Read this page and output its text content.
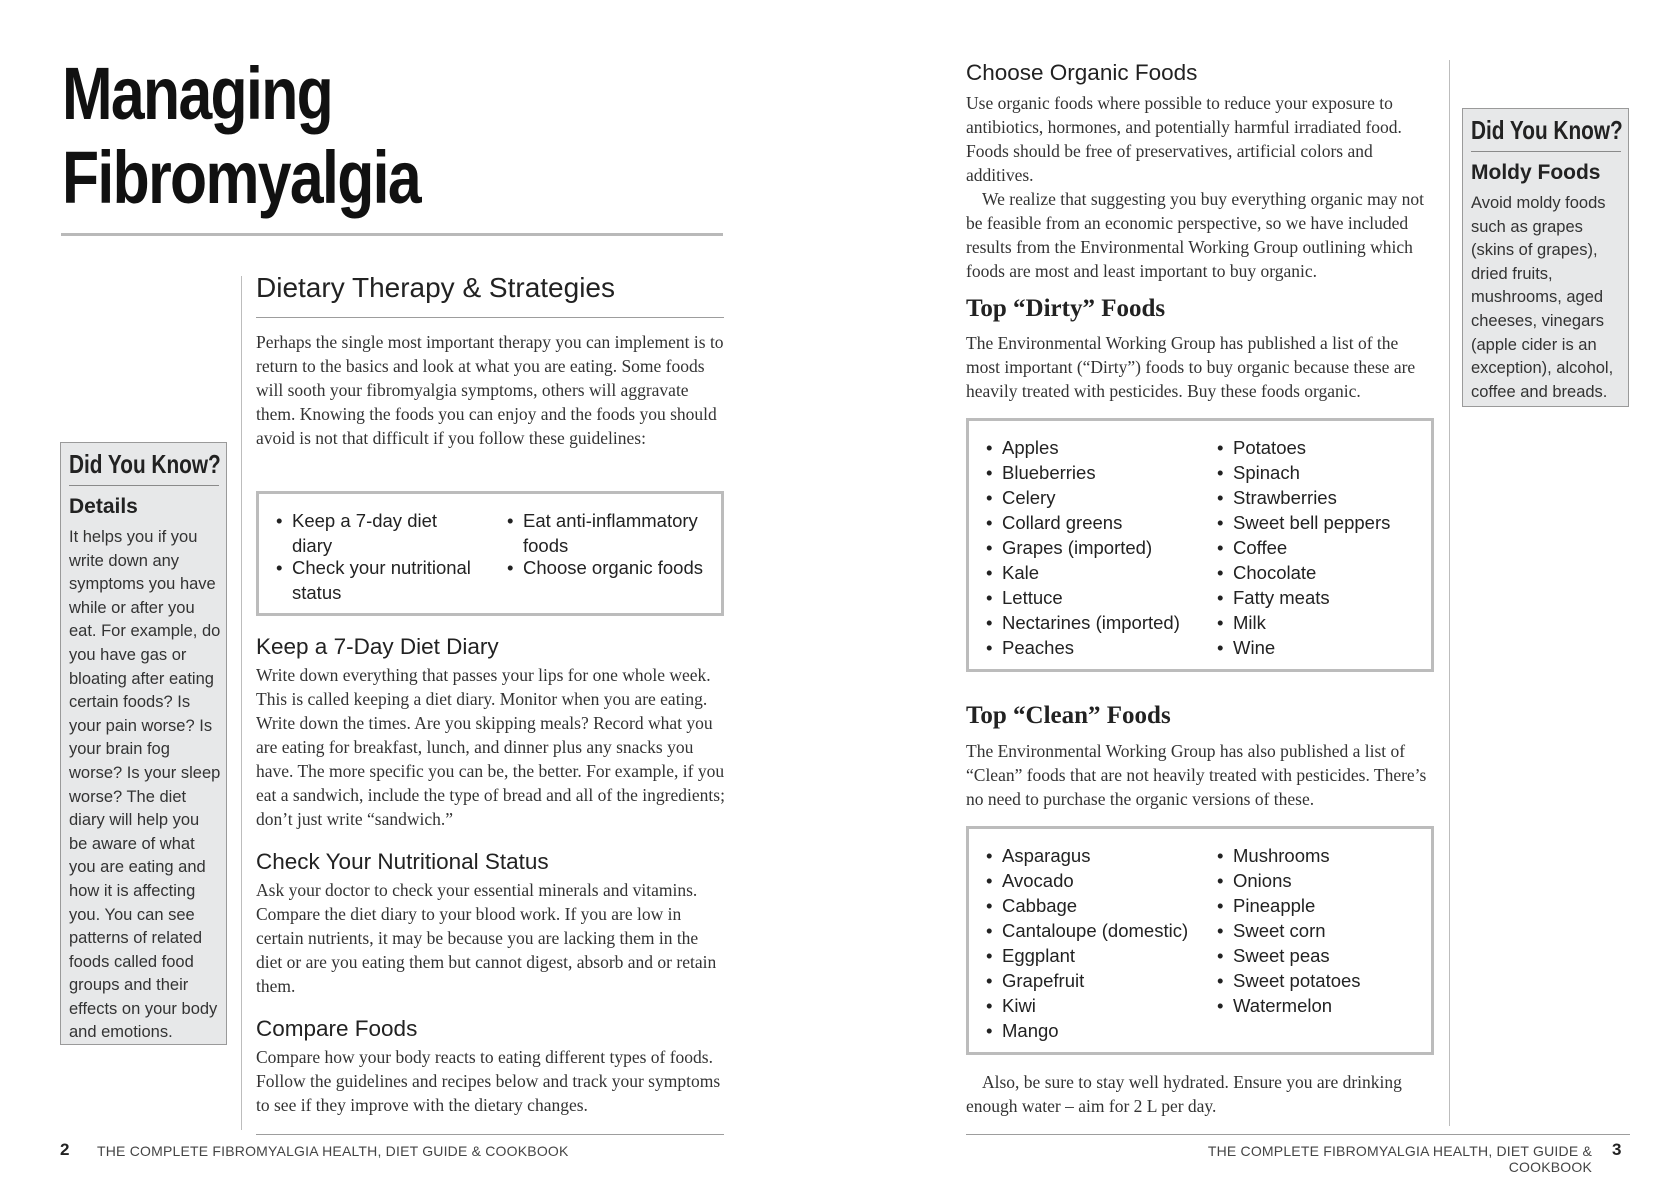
Managing
Fibromyalgia
Did You Know?
Details
It helps you if you write down any symptoms you have while or after you eat. For example, do you have gas or bloating after eating certain foods? Is your pain worse? Is your brain fog worse? Is your sleep worse? The diet diary will help you be aware of what you are eating and how it is affecting you. You can see patterns of related foods called food groups and their effects on your body and emotions.
Dietary Therapy & Strategies
Perhaps the single most important therapy you can implement is to return to the basics and look at what you are eating. Some foods will sooth your fibromyalgia symptoms, others will aggravate them. Knowing the foods you can enjoy and the foods you should avoid is not that difficult if you follow these guidelines:
• Keep a 7-day diet diary
• Check your nutritional status
• Eat anti-inflammatory foods
• Choose organic foods
Keep a 7-Day Diet Diary
Write down everything that passes your lips for one whole week. This is called keeping a diet diary. Monitor when you are eating. Write down the times. Are you skipping meals? Record what you are eating for breakfast, lunch, and dinner plus any snacks you have. The more specific you can be, the better. For example, if you eat a sandwich, include the type of bread and all of the ingredients; don’t just write “sandwich.”
Check Your Nutritional Status
Ask your doctor to check your essential minerals and vitamins. Compare the diet diary to your blood work. If you are low in certain nutrients, it may be because you are lacking them in the diet or are you eating them but cannot digest, absorb and or retain them.
Compare Foods
Compare how your body reacts to eating different types of foods. Follow the guidelines and recipes below and track your symptoms to see if they improve with the dietary changes.
2 THE COMPLETE FIBROMYALGIA HEALTH, DIET GUIDE & COOKBOOK
Choose Organic Foods
Use organic foods where possible to reduce your exposure to antibiotics, hormones, and potentially harmful irradiated food. Foods should be free of preservatives, artificial colors and additives.
We realize that suggesting you buy everything organic may not be feasible from an economic perspective, so we have included results from the Environmental Working Group outlining which foods are most and least important to buy organic.
Top “Dirty” Foods
The Environmental Working Group has published a list of the most important (“Dirty”) foods to buy organic because these are heavily treated with pesticides. Buy these foods organic.
• Apples
• Blueberries
• Celery
• Collard greens
• Grapes (imported)
• Kale
• Lettuce
• Nectarines (imported)
• Peaches
• Potatoes
• Spinach
• Strawberries
• Sweet bell peppers
• Coffee
• Chocolate
• Fatty meats
• Milk
• Wine
Top “Clean” Foods
The Environmental Working Group has also published a list of “Clean” foods that are not heavily treated with pesticides. There’s no need to purchase the organic versions of these.
• Asparagus
• Avocado
• Cabbage
• Cantaloupe (domestic)
• Eggplant
• Grapefruit
• Kiwi
• Mango
• Mushrooms
• Onions
• Pineapple
• Sweet corn
• Sweet peas
• Sweet potatoes
• Watermelon
Also, be sure to stay well hydrated. Ensure you are drinking enough water – aim for 2 L per day.
Did You Know?
Moldy Foods
Avoid moldy foods such as grapes (skins of grapes), dried fruits, mushrooms, aged cheeses, vinegars (apple cider is an exception), alcohol, coffee and breads.
THE COMPLETE FIBROMYALGIA HEALTH, DIET GUIDE & COOKBOOK
3
